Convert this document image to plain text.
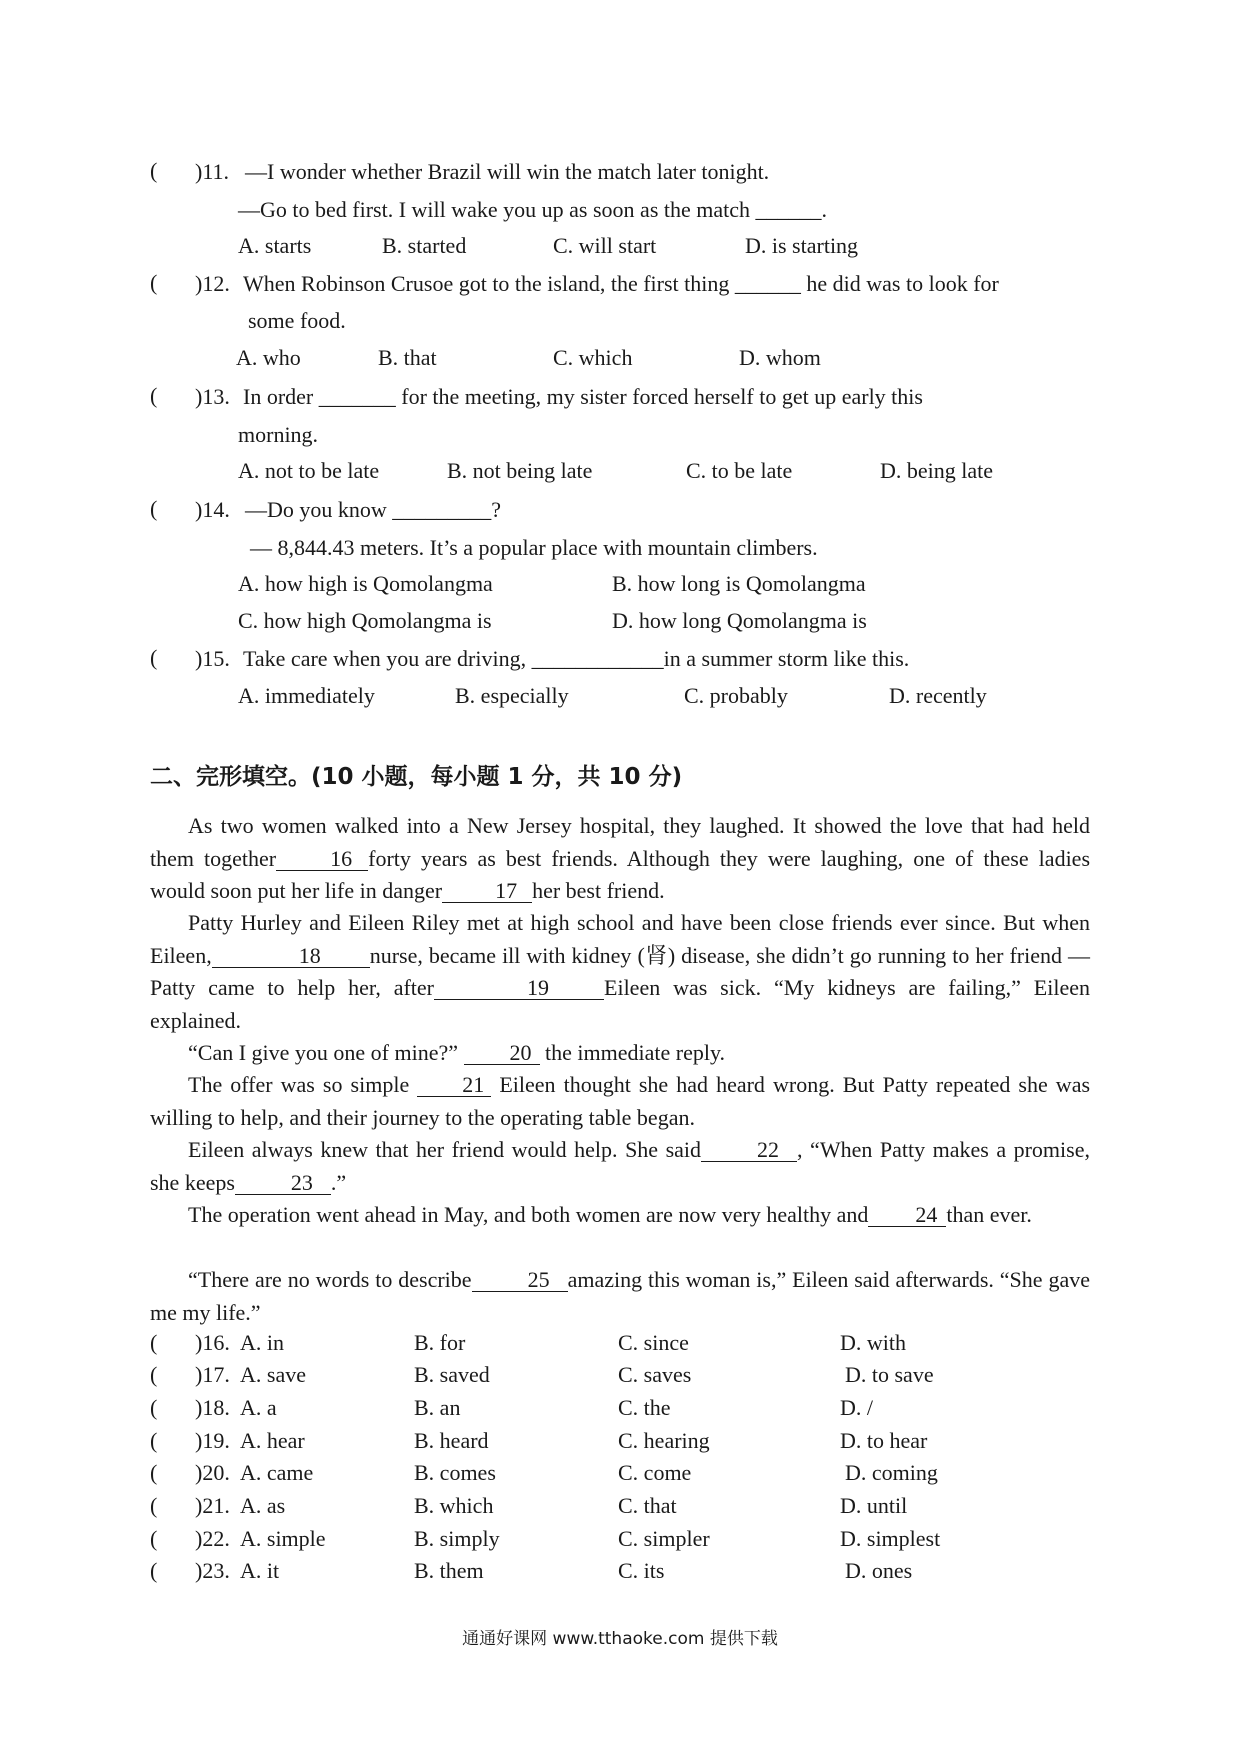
( )11. —I wonder whether Brazil will win the match later tonight.
—Go to bed first. I will wake you up as soon as the match ______.
A. starts	B. started	C. will start	D. is starting
( )12. When Robinson Crusoe got to the island, the first thing ______ he did was to look for
some food.
A. who	B. that	C. which	D. whom
( )13. In order _______ for the meeting, my sister forced herself to get up early this
morning.
A. not to be late	B. not being late	C. to be late	D. being late
( )14. —Do you know _________?
— 8,844.43 meters. It’s a popular place with mountain climbers.
A. how high is Qomolangma	B. how long is Qomolangma
C. how high Qomolangma is	D. how long Qomolangma is
( )15. Take care when you are driving, ____________in a summer storm like this.
A. immediately	B. especially	C. probably	D. recently
二、完形填空。(10 小题，每小题 1 分，共 10 分)
As two women walked into a New Jersey hospital, they laughed. It showed the love that had held them together 16 forty years as best friends. Although they were laughing, one of these ladies would soon put her life in danger 17 her best friend.
Patty Hurley and Eileen Riley met at high school and have been close friends ever since. But when Eileen,	18 nurse, became ill with kidney (肾) disease, she didn’t go running to her friend — Patty came to help her, after	19	Eileen was sick. “My kidneys are failing,” Eileen explained.
“Can I give you one of mine?” 20 the immediate reply.
The offer was so simple 21 Eileen thought she had heard wrong. But Patty repeated she was willing to help, and their journey to the operating table began.
Eileen always knew that her friend would help. She said	22 , “When Patty makes a promise, she keeps	23 .”
The operation went ahead in May, and both women are now very healthy and 24 than ever.
“There are no words to describe	25 amazing this woman is,” Eileen said afterwards. “She gave me my life.”
( )16. A. in	B. for	C. since	D. with
( )17. A. save	B. saved	C. saves	D. to save
( )18. A. a	B. an	C. the	D. /
( )19. A. hear	B. heard	C. hearing	D. to hear
( )20. A. came	B. comes	C. come	D. coming
( )21. A. as	B. which	C. that	D. until
( )22. A. simple	B. simply	C. simpler	D. simplest
( )23. A. it	B. them	C. its	D. ones
通通好课网 www.tthaoke.com 提供下载
